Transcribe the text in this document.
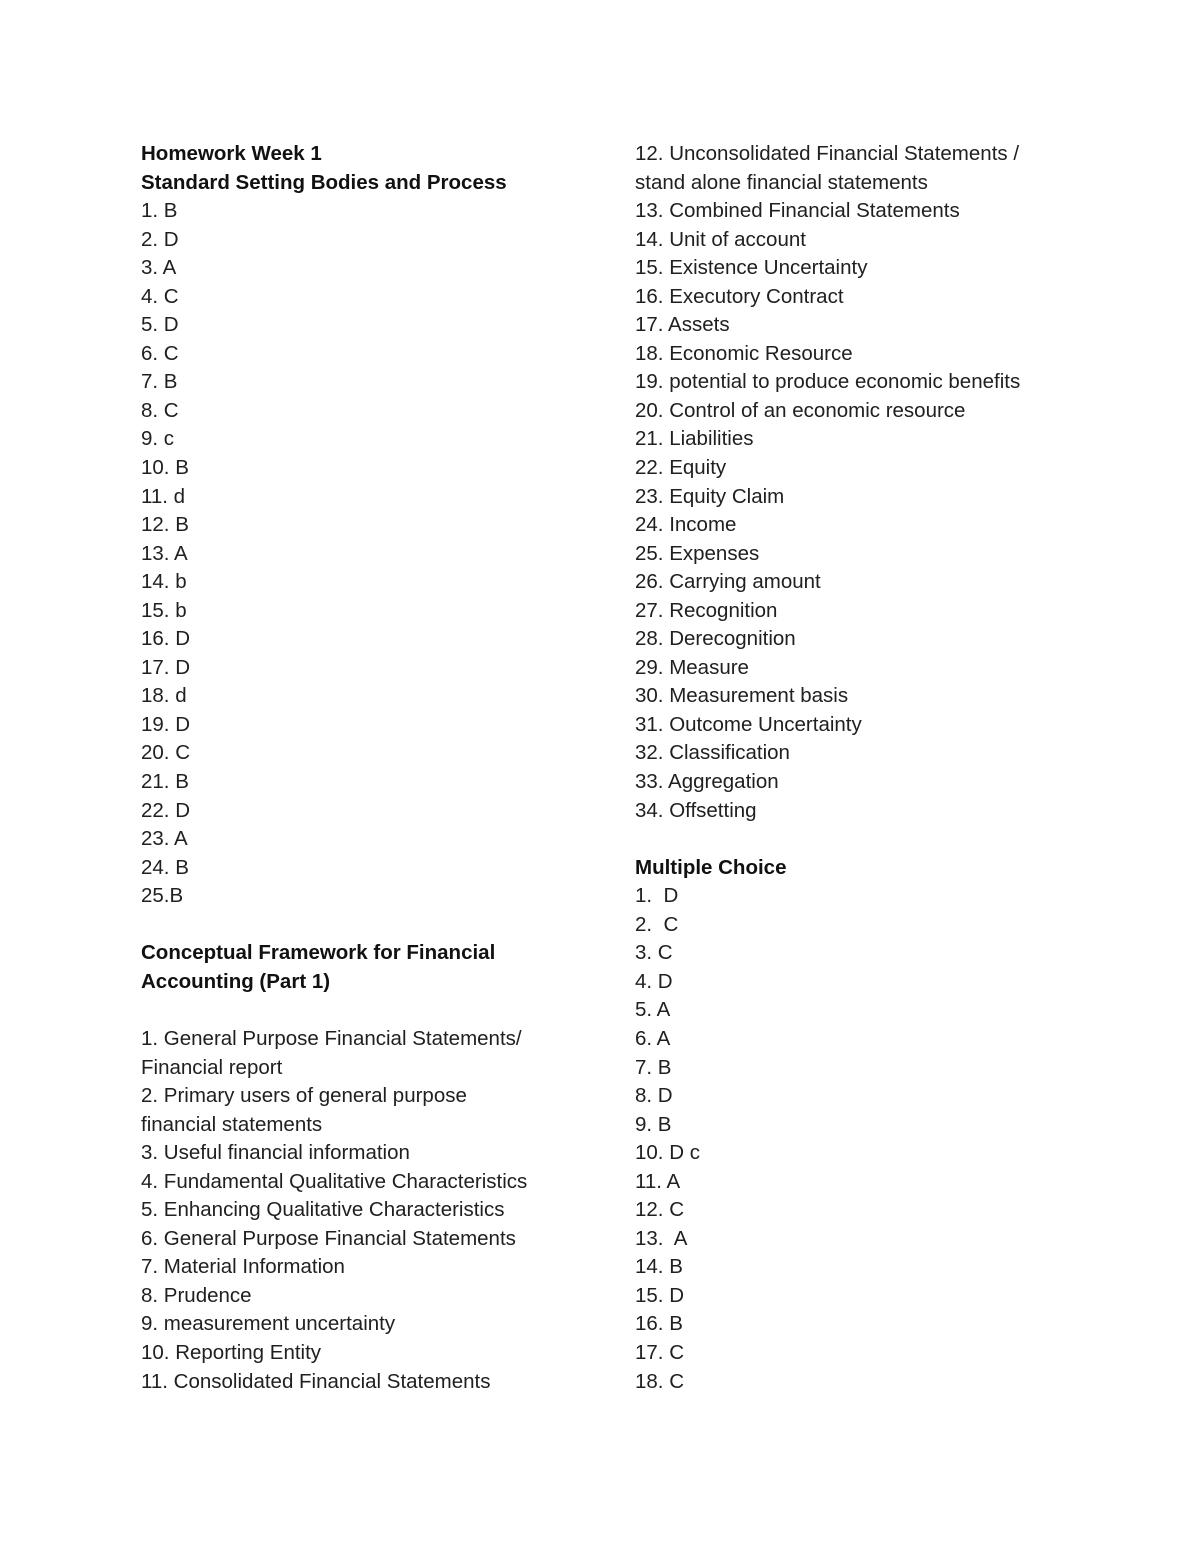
Homework Week 1
Standard Setting Bodies and Process
1. B
2. D
3. A
4. C
5. D
6. C
7. B
8. C
9. c
10. B
11. d
12. B
13. A
14. b
15. b
16. D
17. D
18. d
19. D
20. C
21. B
22. D
23. A
24. B
25.B
Conceptual Framework for Financial
Accounting (Part 1)
1. General Purpose Financial Statements/
Financial report
2. Primary users of general purpose
financial statements
3. Useful financial information
4. Fundamental Qualitative Characteristics
5. Enhancing Qualitative Characteristics
6. General Purpose Financial Statements
7. Material Information
8. Prudence
9. measurement uncertainty
10. Reporting Entity
11. Consolidated Financial Statements
12. Unconsolidated Financial Statements /
stand alone financial statements
13. Combined Financial Statements
14. Unit of account
15. Existence Uncertainty
16. Executory Contract
17. Assets
18. Economic Resource
19. potential to produce economic benefits
20. Control of an economic resource
21. Liabilities
22. Equity
23. Equity Claim
24. Income
25. Expenses
26. Carrying amount
27. Recognition
28. Derecognition
29. Measure
30. Measurement basis
31. Outcome Uncertainty
32. Classification
33. Aggregation
34. Offsetting
Multiple Choice
1.  D
2.  C
3. C
4. D
5. A
6. A
7. B
8. D
9. B
10. D c
11. A
12. C
13.  A
14. B
15. D
16. B
17. C
18. C
